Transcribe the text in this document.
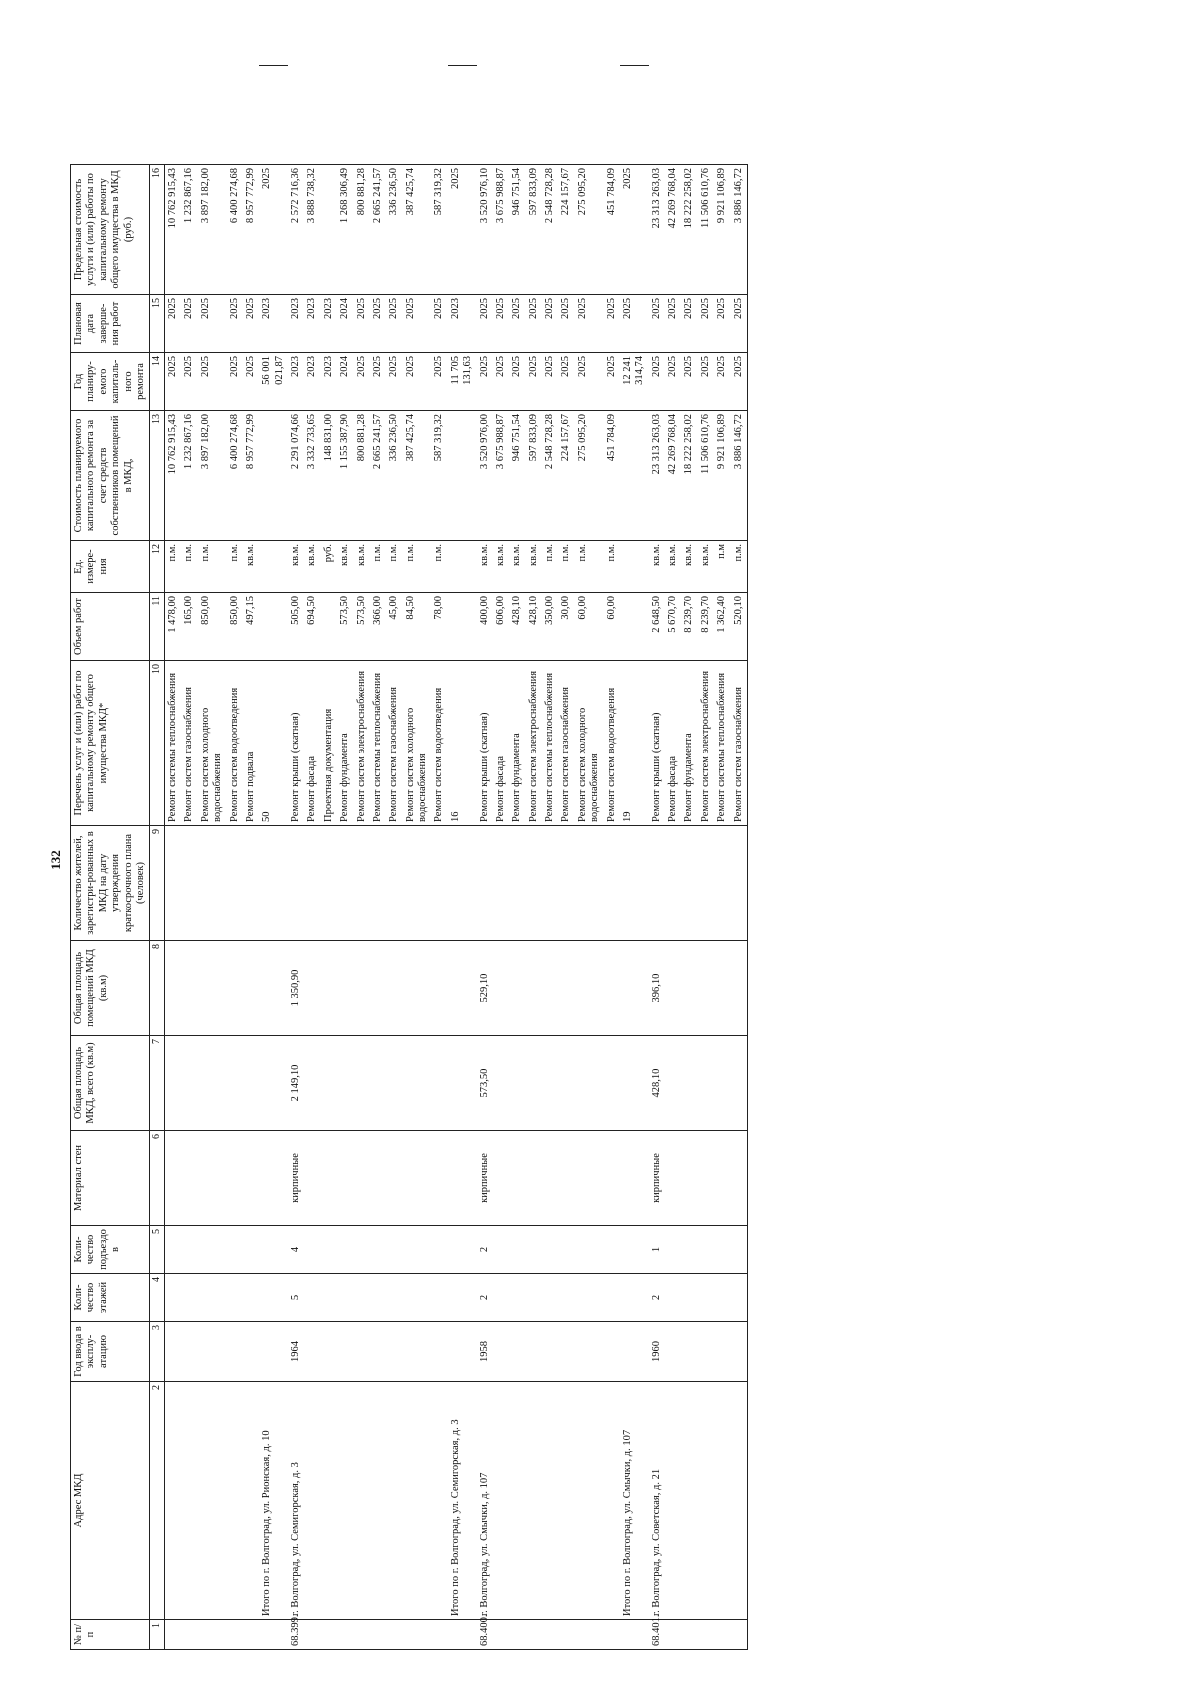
132
№ п/п	Адрес МКД	Год ввода в эксплу-атацию	Коли-чество этажей	Коли-чество подъездо в	Материал стен	Общая площадь МКД, всего (кв.м)	Общая площадь помещений МКД (кв.м)	Количество жителей, зарегистри-рованных в МКД на дату утверждения краткосрочного плана (человек)	Перечень услуг и (или) работ по капитальному ремонту общего имущества МКД*	Объем работ	Ед. измере-ния	Стоимость планируемого капитального ремонта за счет средств собственников помещений в МКД,	Год планиру-емого капиталь-ного ремонта	Плановая дата заверше-ния работ	Предельная стоимость услуги и (или) работы по капитальному ремонту общего имущества в МКД (руб.)	
1	2	3	4	5	6	7	8	9	10	11	12	13	14	15	16	
									Ремонт системы теплоснабжения	1 478,00	п.м.	10 762 915,43	2025	2025	10 762 915,43	
									Ремонт систем газоснабжения	165,00	п.м.	1 232 867,16	2025	2025	1 232 867,16	
									Ремонт систем холодного водоснабжения	850,00	п.м.	3 897 182,00	2025	2025	3 897 182,00	
									Ремонт систем водоотведения	850,00	п.м.	6 400 274,68	2025	2025	6 400 274,68	
									Ремонт подвала	497,15	кв.м.	8 957 772,99	2025	2025	8 957 772,99	
	Итого по г. Волгоград, ул. Рионская, д. 10								50				56 001 021,87	2023	2025	
68.399.	г. Волгоград, ул. Семигорская, д. 3	1964	5	4	кирпичные	2 149,10	1 350,90		Ремонт крыши (скатная)	505,00	кв.м.	2 291 074,66	2023	2023	2 572 716,36	
									Ремонт фасада	694,50	кв.м.	3 332 733,65	2023	2023	3 888 738,32	
									Проектная документация		руб.	148 831,00	2023	2023		
									Ремонт фундамента	573,50	кв.м.	1 155 387,90	2024	2024	1 268 306,49	
									Ремонт систем электроснабжения	573,50	кв.м.	800 881,28	2025	2025	800 881,28	
									Ремонт системы теплоснабжения	366,00	п.м.	2 665 241,57	2025	2025	2 665 241,57	
									Ремонт систем газоснабжения	45,00	п.м.	336 236,50	2025	2025	336 236,50	
									Ремонт систем холодного водоснабжения	84,50	п.м.	387 425,74	2025	2025	387 425,74	
									Ремонт систем водоотведения	78,00	п.м.	587 319,32	2025	2025	587 319,32	
	Итого по г. Волгоград, ул. Семигорская, д. 3								16				11 705 131,63	2023	2025	
68.400.	г. Волгоград, ул. Смычки, д. 107	1958	2	2	кирпичные	573,50	529,10		Ремонт крыши (скатная)	400,00	кв.м.	3 520 976,00	2025	2025	3 520 976,10	
									Ремонт фасада	606,00	кв.м.	3 675 988,87	2025	2025	3 675 988,87	
									Ремонт фундамента	428,10	кв.м.	946 751,54	2025	2025	946 751,54	
									Ремонт систем электроснабжения	428,10	кв.м.	597 833,09	2025	2025	597 833,09	
									Ремонт системы теплоснабжения	350,00	п.м.	2 548 728,28	2025	2025	2 548 728,28	
									Ремонт систем газоснабжения	30,00	п.м.	224 157,67	2025	2025	224 157,67	
									Ремонт систем холодного водоснабжения	60,00	п.м.	275 095,20	2025	2025	275 095,20	
									Ремонт систем водоотведения	60,00	п.м.	451 784,09	2025	2025	451 784,09	
	Итого по г. Волгоград, ул. Смычки, д. 107								19				12 241 314,74	2025	2025	
68.401.	г. Волгоград, ул. Советская, д. 21	1960	2	1	кирпичные	428,10	396,10		Ремонт крыши (скатная)	2 648,50	кв.м.	23 313 263,03	2025	2025	23 313 263,03	
									Ремонт фасада	5 670,70	кв.м.	42 269 768,04	2025	2025	42 269 768,04	
									Ремонт фундамента	8 239,70	кв.м.	18 222 258,02	2025	2025	18 222 258,02	
									Ремонт систем электроснабжения	8 239,70	кв.м.	11 506 610,76	2025	2025	11 506 610,76	
									Ремонт системы теплоснабжения	1 362,40	п.м	9 921 106,89	2025	2025	9 921 106,89	
									Ремонт систем газоснабжения	520,10	п.м.	3 886 146,72	2025	2025	3 886 146,72	
